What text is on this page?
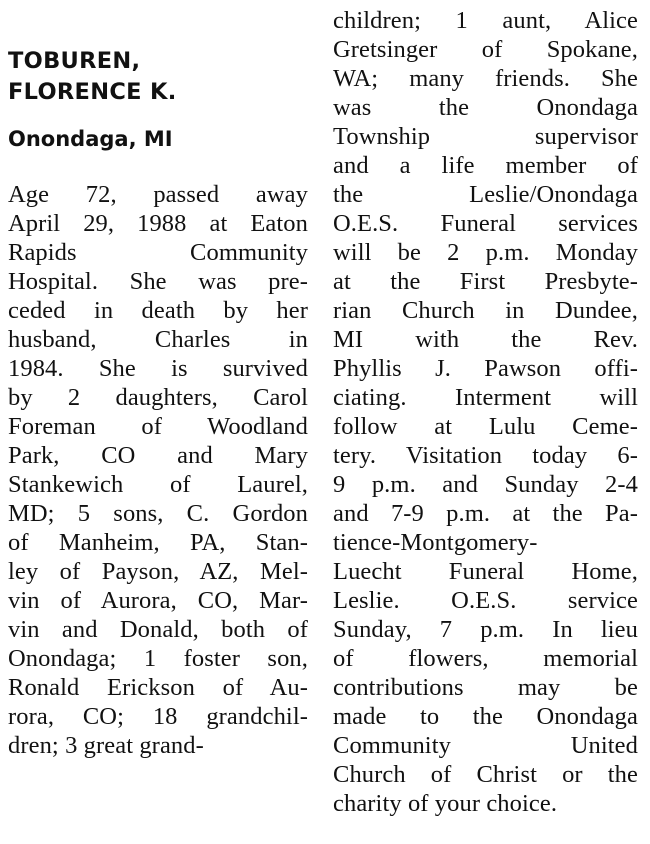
TOBUREN,
FLORENCE K.
Onondaga, MI
Age 72, passed away
April 29, 1988 at Eaton
Rapids Community
Hospital. She was pre-
ceded in death by her
husband, Charles in
1984. She is survived
by 2 daughters, Carol
Foreman of Woodland
Park, CO and Mary
Stankewich of Laurel,
MD; 5 sons, C. Gordon
of Manheim, PA, Stan-
ley of Payson, AZ, Mel-
vin of Aurora, CO, Mar-
vin and Donald, both of
Onondaga; 1 foster son,
Ronald Erickson of Au-
rora, CO; 18 grandchil-
dren; 3 great grand-
children; 1 aunt, Alice
Gretsinger of Spokane,
WA; many friends. She
was the Onondaga
Township supervisor
and a life member of
the Leslie/Onondaga
O.E.S. Funeral services
will be 2 p.m. Monday
at the First Presbyte-
rian Church in Dundee,
MI with the Rev.
Phyllis J. Pawson offi-
ciating. Interment will
follow at Lulu Ceme-
tery. Visitation today 6-
9 p.m. and Sunday 2-4
and 7-9 p.m. at the Pa-
tience-Montgomery-
Luecht Funeral Home,
Leslie. O.E.S. service
Sunday, 7 p.m. In lieu
of flowers, memorial
contributions may be
made to the Onondaga
Community United
Church of Christ or the
charity of your choice.
